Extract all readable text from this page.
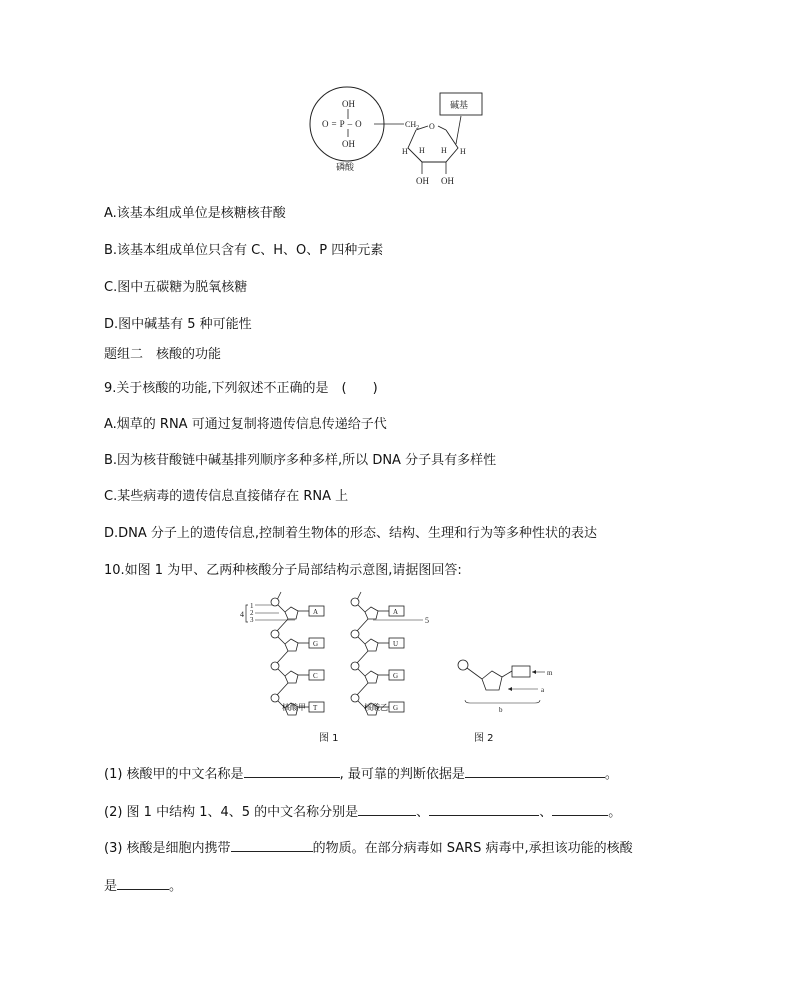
OH
O=P–O
OH
磷酸
$CH_2$ O
H H H H
OH OH
碱基
A.该基本组成单位是核糖核苷酸
B.该基本组成单位只含有 C、H、O、P 四种元素
C.图中五碳糖为脱氧核糖
D.图中碱基有 5 种可能性
题组二　核酸的功能
9.关于核酸的功能,下列叙述不正确的是　(　　)
A.烟草的 RNA 可通过复制将遗传信息传递给子代
B.因为核苷酸链中碱基排列顺序多种多样,所以 DNA 分子具有多样性
C.某些病毒的遗传信息直接储存在 RNA 上
D.DNA 分子上的遗传信息,控制着生物体的形态、结构、生理和行为等多种性状的表达
10.如图 1 为甲、乙两种核酸分子局部结构示意图,请据图回答:
4
1
2
3
A
G
C
T
A
U
G
G
5
核酸甲	核酸乙
图 1
m
a
b
图 2
(1) 核酸甲的中文名称是	, 最可靠的判断依据是	。
(2) 图 1 中结构 1、4、5 的中文名称分别是	、	、	。
(3) 核酸是细胞内携带	的物质。在部分病毒如 SARS 病毒中,承担该功能的核酸
是	。
